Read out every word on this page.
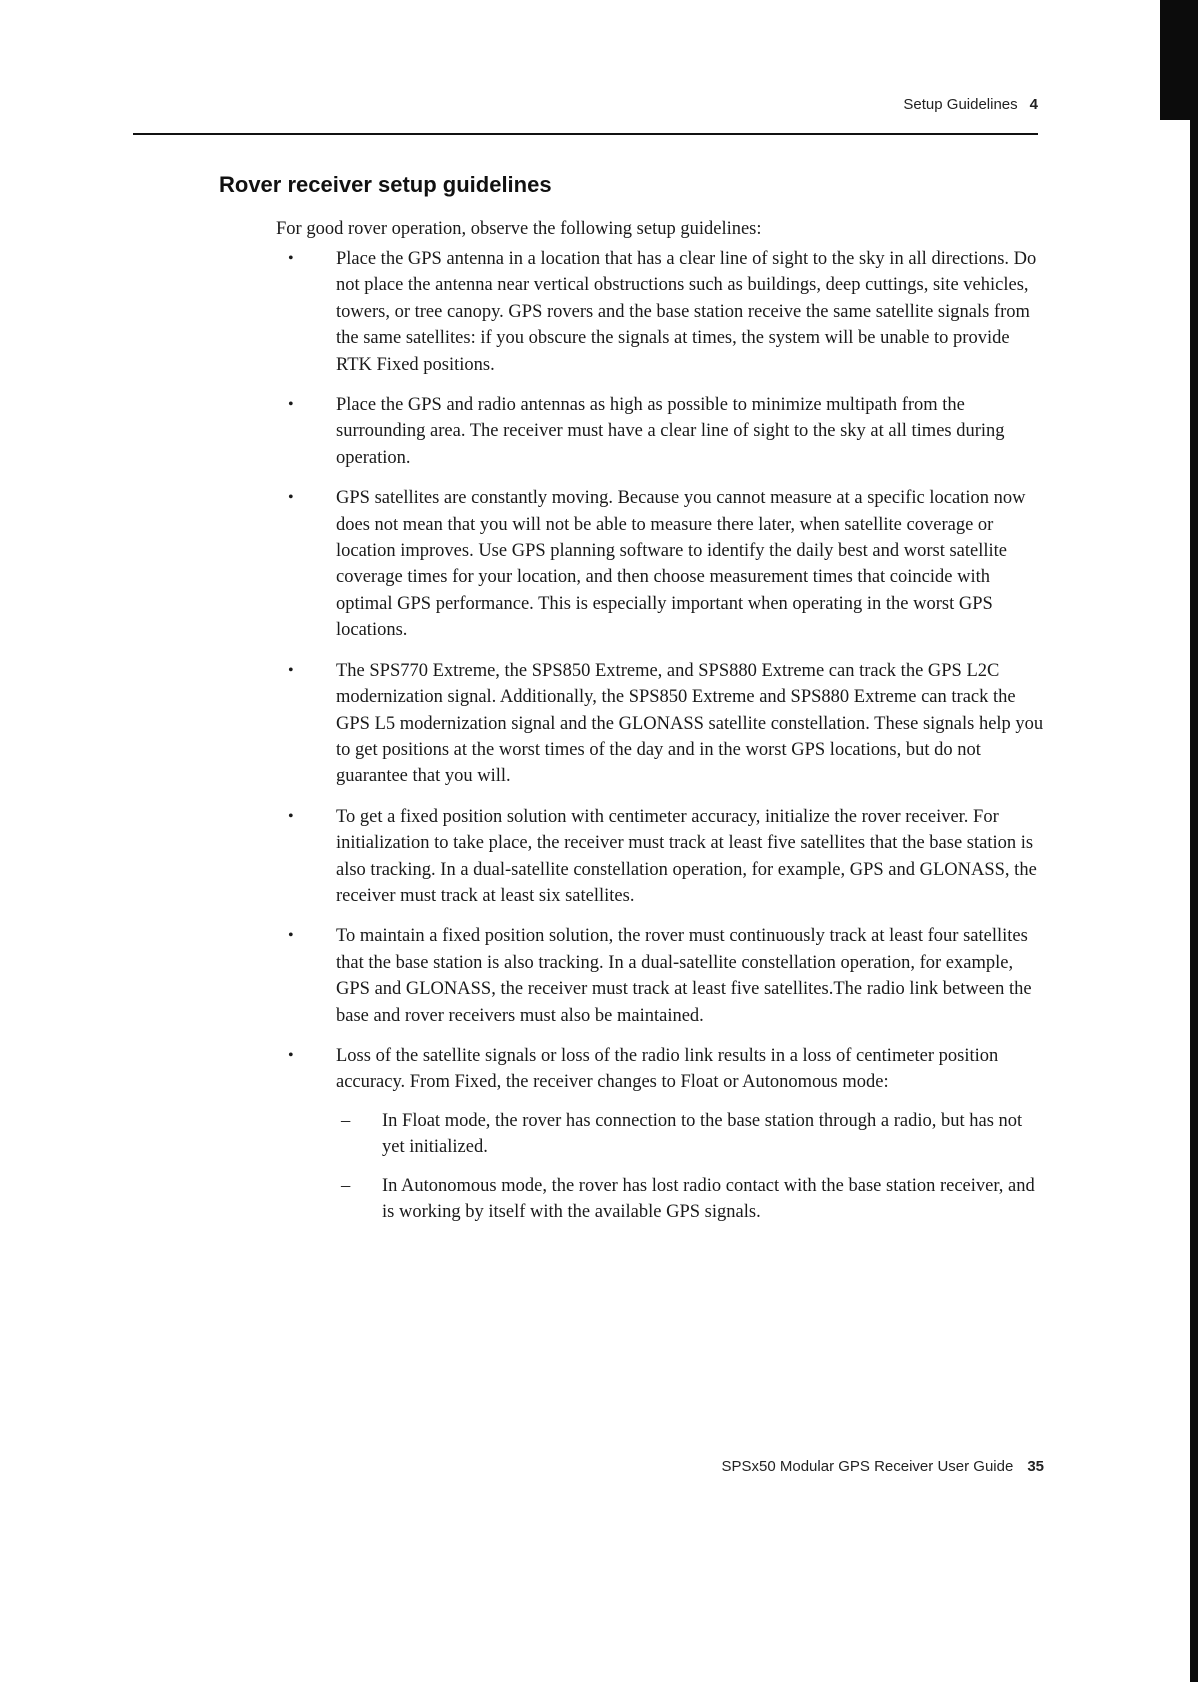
Setup Guidelines 4
Rover receiver setup guidelines

For good rover operation, observe the following setup guidelines:

• Place the GPS antenna in a location that has a clear line of sight to the sky in all directions. Do not place the antenna near vertical obstructions such as buildings, deep cuttings, site vehicles, towers, or tree canopy. GPS rovers and the base station receive the same satellite signals from the same satellites: if you obscure the signals at times, the system will be unable to provide RTK Fixed positions.
• Place the GPS and radio antennas as high as possible to minimize multipath from the surrounding area. The receiver must have a clear line of sight to the sky at all times during operation.
• GPS satellites are constantly moving. Because you cannot measure at a specific location now does not mean that you will not be able to measure there later, when satellite coverage or location improves. Use GPS planning software to identify the daily best and worst satellite coverage times for your location, and then choose measurement times that coincide with optimal GPS performance. This is especially important when operating in the worst GPS locations.
• The SPS770 Extreme, the SPS850 Extreme, and SPS880 Extreme can track the GPS L2C modernization signal. Additionally, the SPS850 Extreme and SPS880 Extreme can track the GPS L5 modernization signal and the GLONASS satellite constellation. These signals help you to get positions at the worst times of the day and in the worst GPS locations, but do not guarantee that you will.
• To get a fixed position solution with centimeter accuracy, initialize the rover receiver. For initialization to take place, the receiver must track at least five satellites that the base station is also tracking. In a dual-satellite constellation operation, for example, GPS and GLONASS, the receiver must track at least six satellites.
• To maintain a fixed position solution, the rover must continuously track at least four satellites that the base station is also tracking. In a dual-satellite constellation operation, for example, GPS and GLONASS, the receiver must track at least five satellites.The radio link between the base and rover receivers must also be maintained.
• Loss of the satellite signals or loss of the radio link results in a loss of centimeter position accuracy. From Fixed, the receiver changes to Float or Autonomous mode:
– In Float mode, the rover has connection to the base station through a radio, but has not yet initialized.
– In Autonomous mode, the rover has lost radio contact with the base station receiver, and is working by itself with the available GPS signals.
SPSx50 Modular GPS Receiver User Guide 35
